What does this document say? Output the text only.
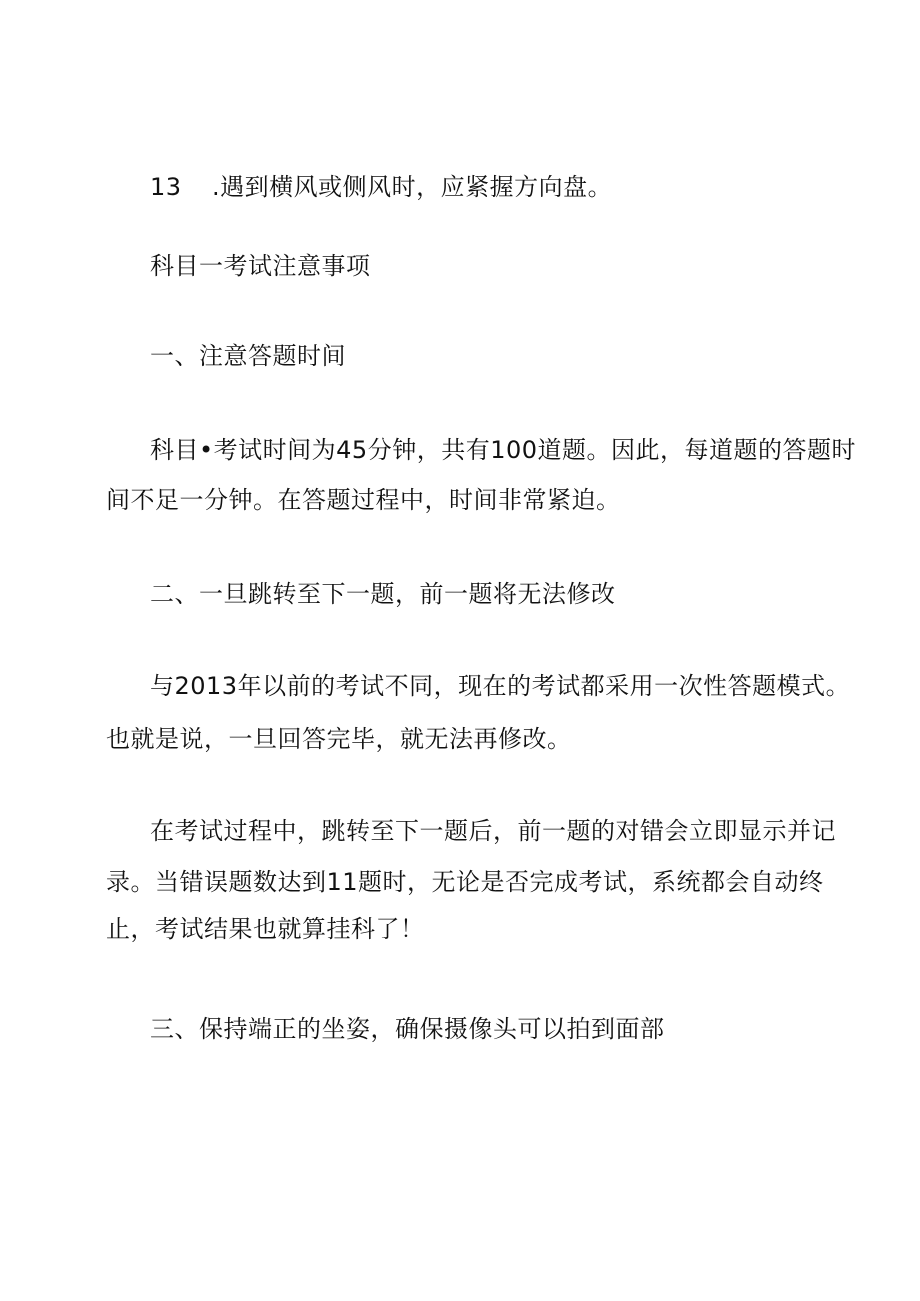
13 .遇到横风或侧风时，应紧握方向盘。
科目一考试注意事项
一、注意答题时间
科目•考试时间为45分钟，共有100道题。因此，每道题的答题时
间不足一分钟。在答题过程中，时间非常紧迫。
二、一旦跳转至下一题，前一题将无法修改
与2013年以前的考试不同，现在的考试都采用一次性答题模式。
也就是说，一旦回答完毕，就无法再修改。
在考试过程中，跳转至下一题后，前一题的对错会立即显示并记
录。当错误题数达到11题时，无论是否完成考试，系统都会自动终
止，考试结果也就算挂科了！
三、保持端正的坐姿，确保摄像头可以拍到面部
